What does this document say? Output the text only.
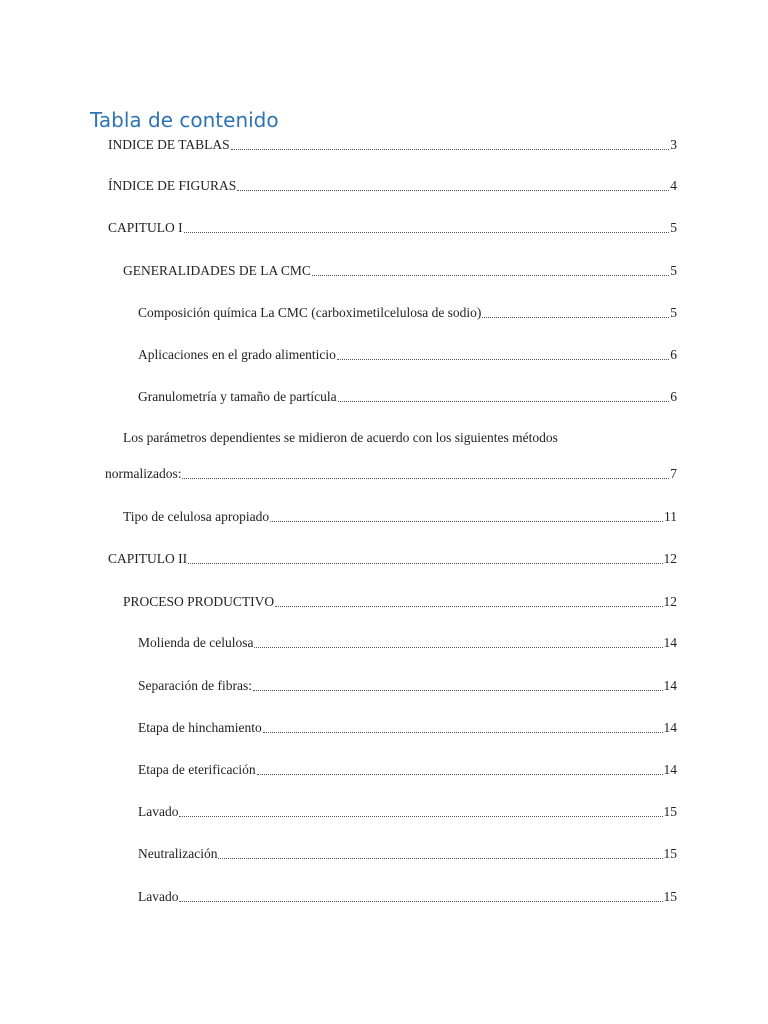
Tabla de contenido
INDICE DE TABLAS	3
ÍNDICE DE FIGURAS	4
CAPITULO I	5
GENERALIDADES DE LA CMC	5
Composición química La CMC (carboximetilcelulosa de sodio)	5
Aplicaciones en el grado alimenticio	6
Granulometría y tamaño de partícula	6
Los parámetros dependientes se midieron de acuerdo con los siguientes métodos
normalizados:	7
Tipo de celulosa apropiado	11
CAPITULO II	12
PROCESO PRODUCTIVO	12
Molienda de celulosa	14
Separación de fibras:	14
Etapa de hinchamiento	14
Etapa de eterificación	14
Lavado	15
Neutralización	15
Lavado	15
